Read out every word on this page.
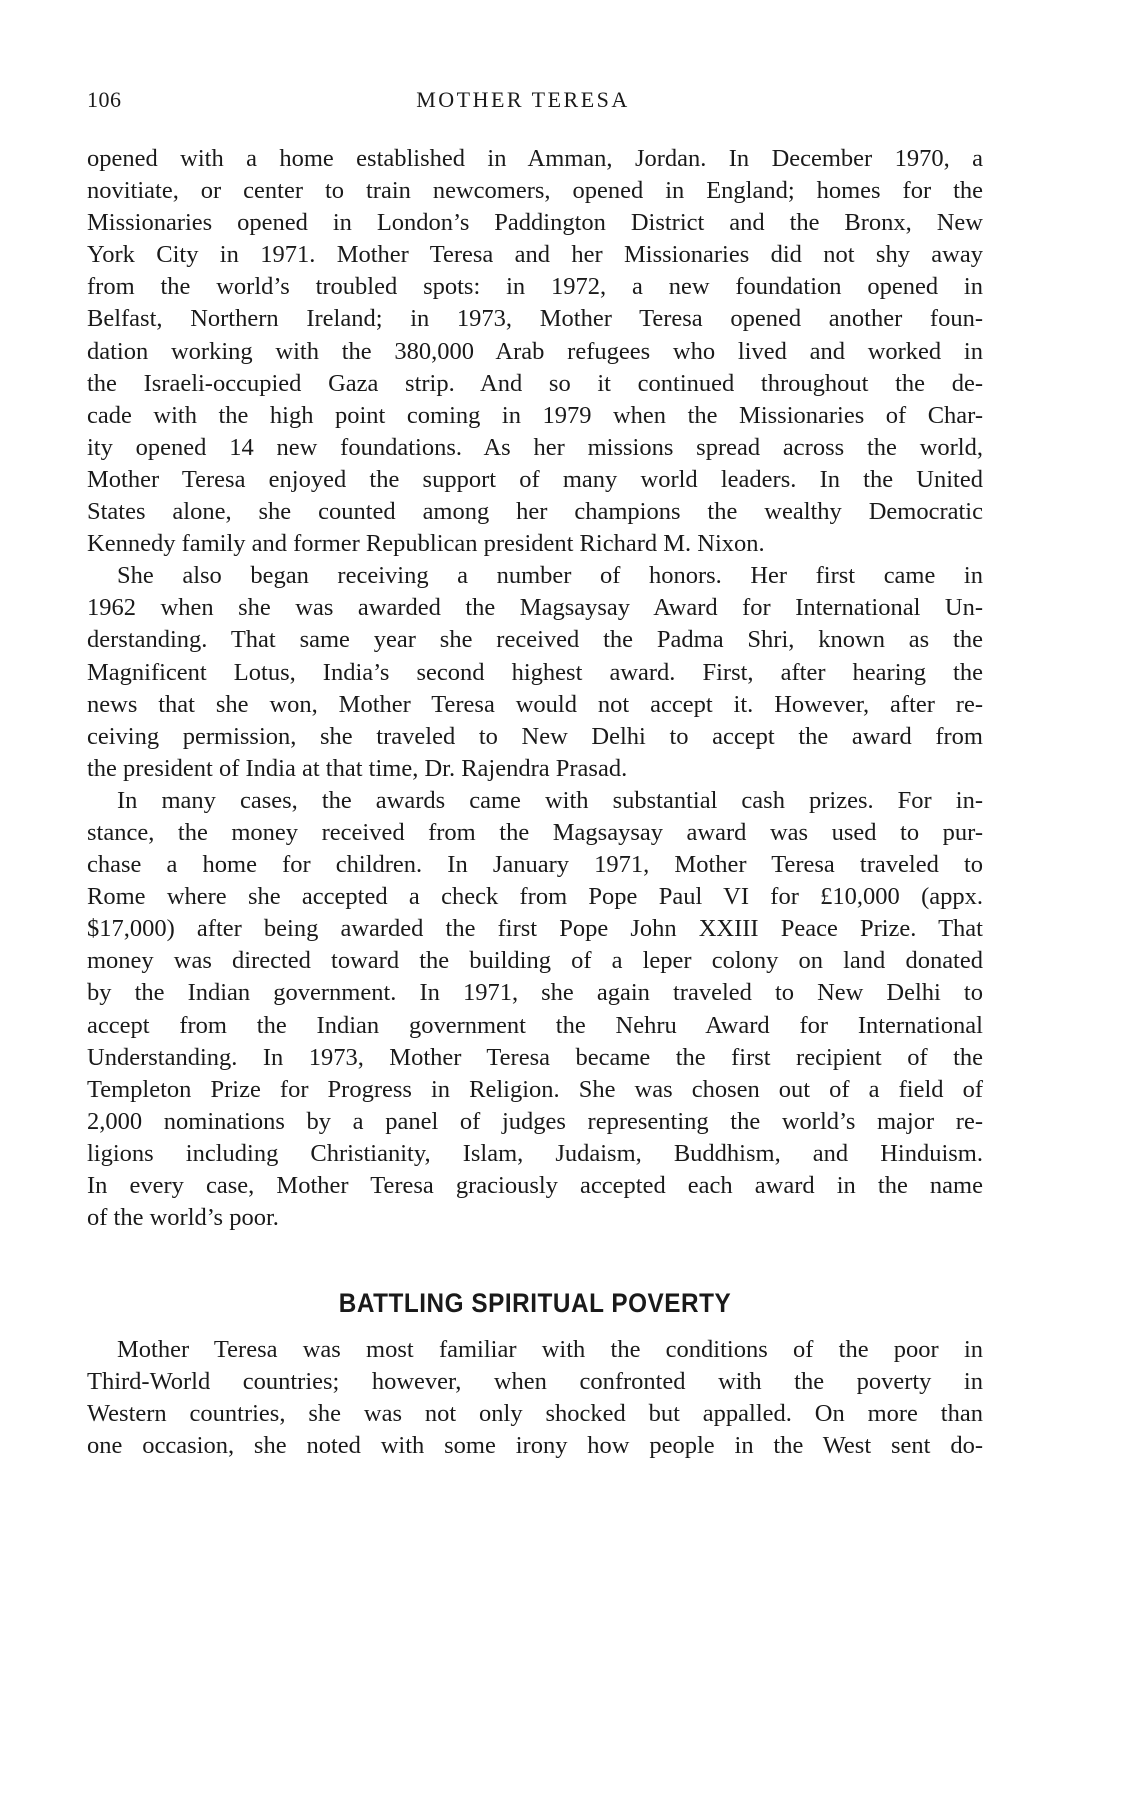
106	MOTHER TERESA
opened with a home established in Amman, Jordan. In December 1970, a
novitiate, or center to train newcomers, opened in England; homes for the
Missionaries opened in London’s Paddington District and the Bronx, New
York City in 1971. Mother Teresa and her Missionaries did not shy away
from the world’s troubled spots: in 1972, a new foundation opened in
Belfast, Northern Ireland; in 1973, Mother Teresa opened another foun-
dation working with the 380,000 Arab refugees who lived and worked in
the Israeli-occupied Gaza strip. And so it continued throughout the de-
cade with the high point coming in 1979 when the Missionaries of Char-
ity opened 14 new foundations. As her missions spread across the world,
Mother Teresa enjoyed the support of many world leaders. In the United
States alone, she counted among her champions the wealthy Democratic
Kennedy family and former Republican president Richard M. Nixon.
She also began receiving a number of honors. Her first came in
1962 when she was awarded the Magsaysay Award for International Un-
derstanding. That same year she received the Padma Shri, known as the
Magnificent Lotus, India’s second highest award. First, after hearing the
news that she won, Mother Teresa would not accept it. However, after re-
ceiving permission, she traveled to New Delhi to accept the award from
the president of India at that time, Dr. Rajendra Prasad.
In many cases, the awards came with substantial cash prizes. For in-
stance, the money received from the Magsaysay award was used to pur-
chase a home for children. In January 1971, Mother Teresa traveled to
Rome where she accepted a check from Pope Paul VI for £10,000 (appx.
$17,000) after being awarded the first Pope John XXIII Peace Prize. That
money was directed toward the building of a leper colony on land donated
by the Indian government. In 1971, she again traveled to New Delhi to
accept from the Indian government the Nehru Award for International
Understanding. In 1973, Mother Teresa became the first recipient of the
Templeton Prize for Progress in Religion. She was chosen out of a field of
2,000 nominations by a panel of judges representing the world’s major re-
ligions including Christianity, Islam, Judaism, Buddhism, and Hinduism.
In every case, Mother Teresa graciously accepted each award in the name
of the world’s poor.
BATTLING SPIRITUAL POVERTY
Mother Teresa was most familiar with the conditions of the poor in
Third-World countries; however, when confronted with the poverty in
Western countries, she was not only shocked but appalled. On more than
one occasion, she noted with some irony how people in the West sent do-
